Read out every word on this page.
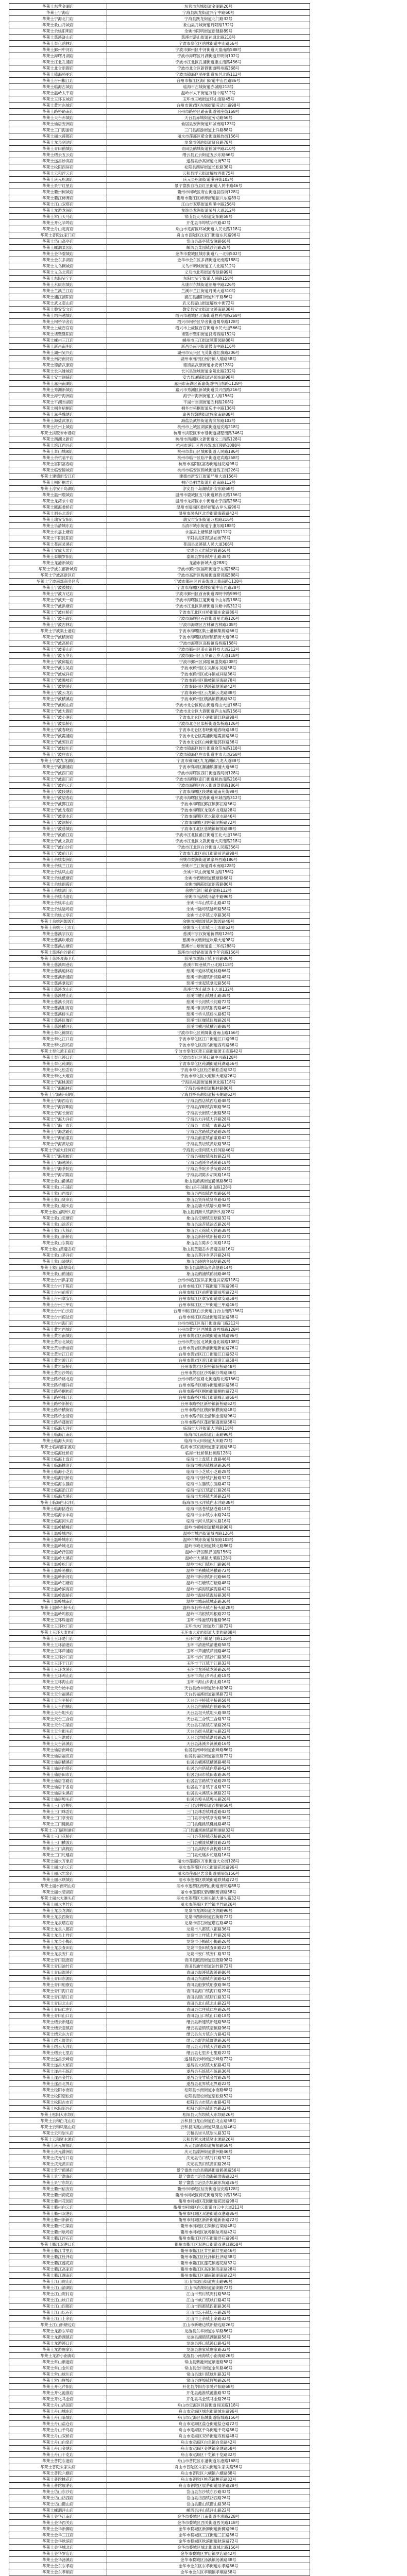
华莱士东营金湖店	东营市东城街道金湖路20号
华莱士宁海店	宁海县跃龙街道兴宁中路60号
华莱士宁海北门店	宁海县跃龙街道北门路32号
华莱士象山丹城店	象山县丹城街道丹阳路132号
华莱士余姚阳明店	余姚市阳明街道新建路89号
华莱士慈溪浒山店	慈溪市浒山街道孙塘北路218号
华莱士奉化岳林店	宁波市奉化区岳林街道中山路56号
华莱士鄞州中河店	宁波市鄞州区中河街道天童南路588号
华莱士海曙月湖店	宁波市海曙区月湖街道开明街102号
华莱士江北孔浦店	宁波市江北区孔浦街道康庄南路456号
华莱士北仑新碶店	宁波市北仑区新碶街道明州路368号
华莱士镇海骆驼店	宁波市镇海区骆驼街道东邑北路112号
华莱士台州椒江店	台州市椒江区海门街道中山西路86号
华莱士临海古城店	临海市古城街道赤城路218号
华莱士温岭太平店	温岭市太平街道万昌中路312号
华莱士玉环玉城店	玉环市玉城街道环山南路45号
华莱士黄岩东城店	台州市黄岩区东城街道劳动北路98号
华莱士路桥路南店	台州市路桥区路南街道银座街168号
华莱士天台赤城店	天台县赤城街道劳动路56号
华莱士仙居安洲店	仙居县安洲街道环城南路123号
华莱士三门海游店	三门县海游街道上洋路88号
华莱士丽水莲都店	丽水市莲都区紫金街道解放街156号
华莱士龙泉剑池店	龙泉市剑池街道贤良路78号
华莱士青田鹤城店	青田县鹤城街道鹤城中路210号
华莱士缙云五云店	缙云县五云街道五云东路66号
华莱士遂昌妙高店	遂昌县妙高街道北街52号
华莱士松阳西屏店	松阳县西屏街道长松路38号
华莱士云和浮云店	云和县浮云街道解放西街75号
华莱士庆元松源店	庆元县松源街道濛洲街102号
华莱士景宁红星店	景宁畲族自治县红星街道人民中路46号
华莱士衢州柯城店	衢州市柯城区府山街道县西街128号
华莱士衢江樟潭店	衢州市衢江区樟潭街道振兴东路89号
华莱士江山双塔店	江山市双塔街道鹿溪中路256号
华莱士龙游龙洲店	龙游县龙洲街道荣昌大道312号
华莱士常山天马店	常山县天马街道定阳路58号
华莱士开化华埠店	开化县华埠镇华兴路42号
华莱士舟山定海店	舟山市定海区环城街道人民北路118号
华莱士普陀沈家门店	舟山市普陀区沈家门街道东河路96号
华莱士岱山高亭店	岱山县高亭镇安澜路66号
华莱士嵊泗菜园店	嵊泗县菜园镇沙河路28号
华莱士金华婺城店	金华市婺城区城东街道八一北街502号
华莱士金东多湖店	金华市金东区多湖街道光南路188号
华莱士义乌稠城店	义乌市稠城街道工人北路312号
华莱士义乌北苑店	义乌市北苑街道春晗路99号
华莱士东阳吴宁店	东阳市吴宁街道人民路158号
华莱士永康东城店	永康市东城街道丽州中路226号
华莱士兰溪兰江店	兰溪市兰江街道丹溪大道310号
华莱士浦江浦阳店	浦江县浦阳街道和平路86号
华莱士武义壶山店	武义县壶山街道解放中街72号
华莱士磐安安文店	磐安县安文街道文溪南路38号
华莱士绍兴越城店	绍兴市越城区北海街道胜利西路268号
华莱士柯桥华舍店	绍兴市柯桥区华舍街道蜀阜路128号
华莱士上虞百官店	绍兴市上虞区百官街道市民大道566号
华莱士诸暨暨阳店	诸暨市暨阳街道艮塔西路152号
华莱士嵊州三江店	嵊州市三江街道领带园路88号
华莱士新昌南明店	新昌县南明街道鼓山中路116号
华莱士湖州吴兴店	湖州市吴兴区飞英街道红旗路206号
华莱士南浔南浔店	湖州市南浔区南浔镇人瑞路58号
华莱士德清武康店	德清县武康街道永安街128号
华莱士长兴雉城店	长兴县雉城街道金陵北路232号
华莱士安吉递铺店	安吉县递铺街道昌硕东路98号
华莱士嘉兴南湖店	嘉兴市南湖区新嘉街道中山东路1128号
华莱士秀洲新城店	嘉兴市秀洲区新城街道洪兴西路216号
华莱士海宁海洲店	海宁市海洲街道工人路156号
华莱士平湖当湖店	平湖市当湖街道胜利路208号
华莱士桐乡梧桐店	桐乡市梧桐街道庆丰中路136号
华莱士嘉善魏塘店	嘉善县魏塘街道施家南路88号
华莱士海盐武原店	海盐县武原街道海滨东路102号
华莱士杭州上城店	杭州市上城区湖滨街道延安路218号
华莱士拱墅米市巷店	杭州市拱墅区米市巷街道湖墅南路346号
华莱士西湖文新店	杭州市西湖区文新街道文二西路128号
华莱士滨江西兴店	杭州市滨江区西兴街道江陵路1088号
华莱士萧山城厢店	杭州市萧山区城厢街道人民路186号
华莱士余杭临平店	杭州市临平区临平街道迎宾路358号
华莱士富阳富春店	杭州市富阳区富春街道桂花路98号
华莱士临安锦城店	杭州市临安区锦城街道钱王街226号
华莱士建德新安江店	建德市新安江街道严州大道156号
华莱士桐庐桐君店	桐庐县桐君街道迎春南路112号
华莱士淳安千岛湖店	淳安县千岛湖镇新安东路68号
华莱士温州鹿城店	温州市鹿城区五马街道解放北路156号
华莱士龙湾永中店	温州市龙湾区永中街道永宁西路288号
华莱士瓯海娄桥店	温州市瓯海区娄桥街道古岸头路96号
华莱士洞头北岙店	温州市洞头区北岙街道海霞路42号
华莱士瑞安安阳店	瑞安市安阳街道万松路216号
华莱士乐清城东店	乐清市城东街道宁康东路188号
华莱士永嘉上塘店	永嘉县上塘镇县前路112号
华莱士平阳昆阳店	平阳县昆阳镇县前街78号
华莱士苍南灵溪店	苍南县灵溪镇人民大道366号
华莱士文成大峃店	文成县大峃镇建设路56号
华莱士泰顺罗阳店	泰顺县罗阳镇中山路38号
华莱士龙港新城店	龙港市新城大道288号
华莱士宁波东部新城店	宁波市鄞州区福明街道宁东路268号
华莱士宁波高新区店	宁波市高新区梅墟街道聚贤路588号
华莱士宁波南部商务区店	宁波市鄞州区首南街道天童南路1128号
华莱士宁波鼓楼店	宁波市海曙区鼓楼街道中山西路28号
华莱士宁波万达店	宁波市鄞州区首南街道四明中路999号
华莱士宁波天一店	宁波市海曙区江厦街道中山东路188号
华莱士宁波洪塘店	宁波市江北区洪塘街道洪塘中路312号
华莱士宁波庄桥店	宁波市江北区庄桥街道庄俞路86号
华莱士宁波石碶店	宁波市海曙区石碶街道星光路126号
华莱士宁波古林店	宁波市海曙区古林镇古林路208号
华莱士宁波集士港店	宁波市海曙区集士港镇集锦路66号
华莱士宁波横街店	宁波市海曙区横街镇横街大道96号
华莱士宁波高桥店	宁波市海曙区高桥镇高桥路158号
华莱士宁波姜山店	宁波市鄞州区姜山镇科技大道212号
华莱士宁波五乡店	宁波市鄞州区五乡镇五乡大道118号
华莱士宁波邱隘店	宁波市鄞州区邱隘镇盛莫路208号
华莱士宁波东吴店	宁波市鄞州区东吴镇东吴路58号
华莱士宁波咸祥店	宁波市鄞州区咸祥镇咸祥路36号
华莱士宁波瞻岐店	宁波市鄞州区瞻岐镇滨海路78号
华莱士宁波塘溪店	宁波市鄞州区塘溪镇塘溪路42号
华莱士宁波云龙店	宁波市鄞州区云龙镇云龙路88号
华莱士宁波横溪店	宁波市鄞州区横溪镇横溪路62号
华莱士宁波梅山店	宁波市北仑区梅山街道梅山大道168号
华莱士宁波大碶店	宁波市北仑区大碶街道庐山东路156号
华莱士宁波小港店	宁波市北仑区小港街道红联路98号
华莱士宁波柴桥店	宁波市北仑区柴桥街道柴桥路126号
华莱士宁波春晓店	宁波市北仑区春晓街道春晓路58号
华莱士宁波霞浦店	宁波市北仑区霞浦街道霞浦路86号
华莱士宁波郭巨店	宁波市北仑区白峰街道郭巨路36号
华莱士宁波蛟川店	宁波市镇海区蛟川街道俞范东路118号
华莱士宁波庄市店	宁波市镇海区庄市街道庄市大道268号
华莱士宁波九龙湖店	宁波市镇海区九龙湖镇九龙大道88号
华莱士宁波澥浦店	宁波市镇海区澥浦镇澥浦大道66号
华莱士宁波西门店	宁波市海曙区西门街道西河街128号
华莱士宁波南门店	宁波市海曙区南门街道解放南路216号
华莱士宁波白云店	宁波市海曙区白云街道望春路186号
华莱士宁波段塘店	宁波市海曙区段塘街道南苑街98号
华莱士宁波望春店	宁波市海曙区望春街道环城西路312号
华莱士宁波鄞江店	宁波市海曙区鄞江镇鄞江路56号
华莱士宁波龙观店	宁波市海曙区龙观乡龙观路28号
华莱士宁波章水店	宁波市海曙区章水镇章水路46号
华莱士宁波洞桥店	宁波市海曙区洞桥镇洞桥路72号
华莱士宁波慈城店	宁波市江北区慈城镇解放路88号
华莱士宁波甬江店	宁波市江北区甬江街道江北大道156号
华莱士宁波文教店	宁波市江北区文教街道大庆南路218号
华莱士宁波白沙店	宁波市江北区白沙街道人民路356号
华莱士宁波前江店	宁波市江北区前江街道前洋路98号
华莱士余姚梨洲店	余姚市梨洲街道谭家岭西路186号
华莱士余姚兰江店	余姚市兰江街道舜水南路228号
华莱士余姚凤山店	余姚市凤山街道凤山路156号
华莱士余姚低塘店	余姚市低塘街道低塘路68号
华莱士余姚朗霞店	余姚市朗霞街道朗霞路86号
华莱士余姚泗门店	余姚市泗门镇谢家路112号
华莱士余姚马渚店	余姚市马渚镇马渚中路96号
华莱士余姚牟山店	余姚市牟山镇牟山路42号
华莱士余姚陆埠店	余姚市陆埠镇陆埠路58号
华莱士余姚丈亭店	余姚市丈亭镇丈亭路36号
华莱士余姚河姆渡店	余姚市河姆渡镇河姆渡路48号
华莱士余姚三七市店	余姚市三七市镇三七市路52号
华莱士慈溪宗汉店	慈溪市宗汉街道新界路126号
华莱士慈溪坎墩店	慈溪市坎墩街道坎墩大道98号
华莱士慈溪古塘店	慈溪市古塘街道南二环线288号
华莱士慈溪白沙路店	慈溪市白沙路街道青少年宫路156号
华莱士慈溪观海卫店	慈溪市观海卫镇卫前路86号
华莱士慈溪周巷店	慈溪市周巷镇兴业北路118号
华莱士慈溪逍林店	慈溪市逍林镇逍林路66号
华莱士慈溪新浦店	慈溪市新浦镇新浦路48号
华莱士慈溪掌起店	慈溪市掌起镇掌起路56号
华莱士慈溪龙山店	慈溪市龙山镇龙山大道132号
华莱士慈溪胜山店	慈溪市胜山镇胜山路38号
华莱士慈溪长河店	慈溪市长河镇长河路72号
华莱士慈溪附海店	慈溪市附海镇附海路46号
华莱士慈溪桥头店	慈溪市桥头镇桥头路62号
华莱士慈溪匡堰店	慈溪市匡堰镇匡堰路28号
华莱士慈溪横河店	慈溪市横河镇横河路88号
华莱士奉化锦屏店	宁波市奉化区锦屏街道南山路156号
华莱士奉化江口店	宁波市奉化区江口街道江口路98号
华莱士奉化西坞店	宁波市奉化区西坞街道西坞路66号
华莱士奉化萧王庙店	宁波市奉化区萧王庙街道萧王庙路42号
华莱士奉化溪口店	宁波市奉化区溪口镇中兴路128号
华莱士奉化莼湖店	宁波市奉化区莼湖街道莼湖路56号
华莱士奉化松岙店	宁波市奉化区松岙镇松岙路32号
华莱士奉化大堰店	宁波市奉化区大堰镇大堰路26号
华莱士宁海桃源店	宁海县桃源街道桃源北路118号
华莱士宁海梅林店	宁海县梅林街道梅林路86号
华莱士宁海桥头胡店	宁海县桥头胡街道桥头胡路62号
华莱士宁海西店店	宁海县西店镇西店路48号
华莱士宁海深甽店	宁海县深甽镇深甽路36号
华莱士宁海长街店	宁海县长街镇长街路58号
华莱士宁海力洋店	宁海县力洋镇力洋路28号
华莱士宁海一市店	宁海县一市镇一市路32号
华莱士宁海岔路店	宁海县岔路镇岔路路26号
华莱士宁海前童店	宁海县前童镇前童路42号
华莱士宁海黄坛店	宁海县黄坛镇黄坛路38号
华莱士宁海大佳何店	宁海县大佳何镇大佳何路46号
华莱士宁海强蛟店	宁海县强蛟镇强蛟路22号
华莱士宁海越溪店	宁海县越溪乡越溪路18号
华莱士宁海茶院店	宁海县茶院乡茶院路24号
华莱士宁海胡陈店	宁海县胡陈乡胡陈路16号
华莱士象山爵溪店	象山县爵溪街道爵溪路86号
华莱士象山石浦店	象山县石浦镇金山路128号
华莱士象山西周店	象山县西周镇西周路66号
华莱士象山贤庠店	象山县贤庠镇贤庠路42号
华莱士象山墙头店	象山县墙头镇墙头路36号
华莱士象山泗洲头店	象山县泗洲头镇泗洲头路28号
华莱士象山定塘店	象山县定塘镇定塘路32号
华莱士象山涂茨店	象山县涂茨镇涂茨路26号
华莱士象山大徐店	象山县大徐镇大徐路38号
华莱士象山新桥店	象山县新桥镇新桥路22号
华莱士象山东陈店	象山县东陈乡东陈路18号
华莱士象山黄避岙店	象山县黄避岙乡黄避岙路16号
华莱士象山茅洋店	象山县茅洋乡茅洋路24号
华莱士象山晓塘店	象山县晓塘乡晓塘路20号
华莱士象山高塘岛店	象山县高塘岛乡高塘路14号
华莱士象山鹤浦店	象山县鹤浦镇鹤浦路46号
华莱士台州洪家店	台州市椒江区洪家街道洪家路118号
华莱士台州下陈店	台州市椒江区下陈街道下陈路96号
华莱士台州前所店	台州市椒江区前所街道前所路72号
华莱士台州章安店	台州市椒江区章安街道章安路58号
华莱士台州三甲店	台州市椒江区三甲街道三甲路46号
华莱士台州白云店	台州市椒江区白云街道白云山南路156号
华莱士台州葭沚店	台州市椒江区葭沚街道葭沚路88号
华莱士台州海门店	台州市椒江区海门街道海门路212号
华莱士黄岩西城店	台州市黄岩区西城街道西城路128号
华莱士黄岩南城店	台州市黄岩区南城街道南城路96号
华莱士黄岩北城店	台州市黄岩区北城街道北城路108号
华莱士黄岩新前店	台州市黄岩区新前街道新前路76号
华莱士黄岩江口店	台州市黄岩区江口街道江口路62号
华莱士黄岩澄江店	台州市黄岩区澄江街道澄江路58号
华莱士黄岩院桥店	台州市黄岩区院桥镇院桥路48号
华莱士黄岩沙埠店	台州市黄岩区沙埠镇沙埠路36号
华莱士路桥路北店	台州市路桥区路北街道路北路156号
华莱士路桥螺洋店	台州市路桥区螺洋街道螺洋路86号
华莱士路桥桐屿店	台州市路桥区桐屿街道桐屿路72号
华莱士路桥峰江店	台州市路桥区峰江街道峰江路66号
华莱士路桥新桥店	台州市路桥区新桥镇新桥路52号
华莱士路桥横街店	台州市路桥区横街镇横街路48号
华莱士路桥金清店	台州市路桥区金清镇金清路96号
华莱士路桥蓬街店	台州市路桥区蓬街镇蓬街路58号
华莱士临海大洋店	临海市大洋街道大洋路118号
华莱士临海江南店	临海市江南街道江南路96号
华莱士临海大田店	临海市大田街道大田路72号
华莱士临海邵家渡店	临海市邵家渡街道邵家渡路58号
华莱士临海杜桥店	临海市杜桥镇杜桥路128号
华莱士临海上盘店	临海市上盘镇上盘路46号
华莱士临海桃渚店	临海市桃渚镇桃渚路36号
华莱士临海小芝店	临海市小芝镇小芝路28号
华莱士临海汛桥店	临海市汛桥镇汛桥路32号
华莱士临海东塍店	临海市东塍镇东塍路42号
华莱士临海沿江店	临海市沿江镇沿江路26号
华莱士临海尤溪店	临海市尤溪镇尤溪路22号
华莱士临海白水洋店	临海市白水洋镇白水洋路38号
华莱士临海括苍店	临海市括苍镇括苍路18号
华莱士临海永丰店	临海市永丰镇永丰路24号
华莱士临海河头店	临海市河头镇河头路16号
华莱士温岭横峰店	温岭市横峰街道横峰路98号
华莱士温岭城西店	温岭市城西街道城西路126号
华莱士温岭城东店	温岭市城东街道城东路108号
华莱士温岭城北店	温岭市城北街道城北路86号
华莱士温岭泽国店	温岭市泽国镇泽国路156号
华莱士温岭大溪店	温岭市大溪镇大溪路128号
华莱士温岭松门店	温岭市松门镇松门路96号
华莱士温岭箬横店	温岭市箬横镇箬横路72号
华莱士温岭新河店	温岭市新河镇新河路66号
华莱士温岭石塘店	温岭市石塘镇石塘路48号
华莱士温岭滨海店	温岭市滨海镇滨海路42号
华莱士温岭温峤店	温岭市温峤镇温峤路38号
华莱士温岭城南店	温岭市城南镇城南路36号
华莱士温岭石桥头店	温岭市石桥头镇石桥头路28号
华莱士温岭坞根店	温岭市坞根镇坞根路22号
华莱士玉环珠港店	玉环市珠港镇珠港路96号
华莱士玉环坎门店	玉环市坎门街道坎门路72号
华莱士玉环大麦屿店	玉环市大麦屿街道大麦屿路88号
华莱士玉环楚门店	玉环市楚门镇楚门路116号
华莱士玉环清港店	玉环市清港镇清港路58号
华莱士玉环芦浦店	玉环市芦浦镇芦浦路46号
华莱士玉环沙门店	玉环市沙门镇沙门路38号
华莱士玉环干江店	玉环市干江镇干江路32号
华莱士玉环龙溪店	玉环市龙溪镇龙溪路26号
华莱士玉环鸡山店	玉环市鸡山乡鸡山路18号
华莱士玉环海山店	玉环市海山乡海山路16号
华莱士天台始丰店	天台县始丰街道始丰路98号
华莱士天台福溪店	天台县福溪街道福溪路72号
华莱士天台平桥店	天台县平桥镇平桥路58号
华莱士天台白鹤店	天台县白鹤镇白鹤路46号
华莱士天台坦头店	天台县坦头镇坦头路38号
华莱士天台三合店	天台县三合镇三合路32号
华莱士天台石梁店	天台县石梁镇石梁路26号
华莱士天台街头店	天台县街头镇街头路22号
华莱士天台洪畴店	天台县洪畴镇洪畴路28号
华莱士天台泳溪店	天台县泳溪乡泳溪路16号
华莱士仙居南峰店	仙居县南峰街道南峰路86号
华莱士仙居福应店	仙居县福应街道福应路72号
华莱士仙居横溪店	仙居县横溪镇横溪路48号
华莱士仙居白塔店	仙居县白塔镇白塔路42号
华莱士仙居田市店	仙居县田市镇田市路36号
华莱士仙居官路店	仙居县官路镇官路路28号
华莱士仙居下各店	仙居县下各镇下各路32号
华莱士仙居朱溪店	仙居县朱溪镇朱溪路22号
华莱士仙居埠头店	仙居县埠头镇埠头路26号
华莱士三门沙柳店	三门县沙柳街道沙柳路58号
华莱士三门珠岙店	三门县珠岙镇珠岙路42号
华莱士三门亭旁店	三门县亭旁镇亭旁路36号
华莱士三门健跳店	三门县健跳镇健跳路48号
华莱士三门浦坝港店	三门县浦坝港镇浦坝港路32号
华莱士三门花桥店	三门县花桥镇花桥路26号
华莱士三门横渡店	三门县横渡镇横渡路22号
华莱士三门高枧店	三门县高枧乡高枧路18号
华莱士三门蛇蟠店	三门县蛇蟠乡蛇蟠路16号
华莱士丽水万象店	丽水市莲都区万象街道大众街128号
华莱士丽水白云店	丽水市莲都区白云街道花园路96号
华莱士丽水岩泉店	丽水市莲都区岩泉街道丽阳街156号
华莱士丽水联城店	丽水市莲都区联城街道联城路72号
华莱士丽水南明山店	丽水市莲都区南明山街道南明路88号
华莱士丽水碧湖店	丽水市莲都区碧湖镇碧湖路58号
华莱士丽水大港头店	丽水市莲都区大港头镇大港头路32号
华莱士丽水老竹店	丽水市莲都区老竹镇老竹路26号
华莱士龙泉龙渊店	龙泉市龙渊街道龙渊路96号
华莱士龙泉西街店	龙泉市西街街道西街路72号
华莱士龙泉塔石店	龙泉市塔石街道塔石路48号
华莱士龙泉八都店	龙泉市八都镇八都路36号
华莱士龙泉上垟店	龙泉市上垟镇上垟路28号
华莱士龙泉小梅店	龙泉市小梅镇小梅路26号
华莱士龙泉查田店	龙泉市查田镇查田路22号
华莱士龙泉安仁店	龙泉市安仁镇安仁路32号
华莱士青田瓯南店	青田县瓯南街道瓯南路98号
华莱士青田油竹店	青田县油竹街道油竹路72号
华莱士青田温溪店	青田县温溪镇温溪路86号
华莱士青田东源店	青田县东源镇东源路42号
华莱士青田船寮店	青田县船寮镇船寮路36号
华莱士青田海口店	青田县海口镇海口路28号
华莱士青田腊口店	青田县腊口镇腊口路32号
华莱士青田北山店	青田县北山镇北山路22号
华莱士青田仁庄店	青田县仁庄镇仁庄路26号
华莱士青田山口店	青田县山口镇山口路18号
华莱士缙云新建店	缙云县新建镇新建路58号
华莱士缙云壶镇店	缙云县壶镇镇壶镇路96号
华莱士缙云东方店	缙云县东方镇东方路42号
华莱士缙云舒洪店	缙云县舒洪镇舒洪路36号
华莱士缙云大洋店	缙云县大洋镇大洋路28号
华莱士缙云七里店	缙云县七里乡七里路22号
华莱士遂昌云峰店	遂昌县云峰街道云峰路72号
华莱士遂昌大柘店	遂昌县大柘镇大柘路42号
华莱士遂昌石练店	遂昌县石练镇石练路36号
华莱士遂昌金竹店	遂昌县金竹镇金竹路28号
华莱士遂昌北界店	遂昌县北界镇北界路22号
华莱士松阳水南店	松阳县水南街道水南路68号
华莱士松阳望松店	松阳县望松街道望松路52号
华莱士松阳古市店	松阳县古市镇古市路42号
华莱士松阳新兴店	松阳县新兴镇新兴路32号
华莱士松阳大东坝店	松阳县大东坝镇大东坝路26号
华莱士云和白龙山店	云和县白龙山街道白龙山路58号
华莱士云和凤凰山店	云和县凤凰山街道凤凰山路46号
华莱士云和崇头店	云和县崇头镇崇头路32号
华莱士云和紧水滩店	云和县紧水滩镇紧水滩路26号
华莱士庆元屏都店	庆元县屏都街道屏都路58号
华莱士庆元濛洲店	庆元县濛洲街道濛洲路46号
华莱士庆元竹口店	庆元县竹口镇竹口路32号
华莱士庆元黄田店	庆元县黄田镇黄田路26号
华莱士景宁鹤溪店	景宁畲族自治县鹤溪街道鹤溪路56号
华莱士景宁渤海店	景宁畲族自治县渤海镇渤海路32号
华莱士景宁东坑店	景宁畲族自治县东坑镇东坑路26号
华莱士衢州信安店	衢州市柯城区信安街道信安路128号
华莱士衢州荷花店	衢州市柯城区荷花街道荷花中路156号
华莱士衢州花园店	衢州市柯城区花园街道花园路98号
华莱士衢州白云店	衢州市柯城区白云街道白云中大道212号
华莱士衢州双港店	衢州市柯城区双港街道双港路86号
华莱士衢州新新店	衢州市柯城区新新街道新新路72号
华莱士衢州石梁店	衢州市柯城区石梁镇石梁路48号
华莱士衢州航埠店	衢州市柯城区航埠镇航埠路42号
华莱士衢江浮石店	衢州市衢江区浮石街道浮石路96号
华莱士衢江双港口店	衢州市衢江区双港口街道双港口路58号
华莱士衢江廿里店	衢州市衢江区廿里镇廿里路46号
华莱士衢江杜泽店	衢州市衢江区杜泽镇杜泽路38号
华莱士衢江莲花店	衢州市衢江区莲花镇莲花路32号
华莱士衢江高家店	衢州市衢江区高家镇高家路28号
华莱士衢江湖南店	衢州市衢江区湖南镇湖南路22号
华莱士江山虎山店	江山市虎山街道虎山路96号
华莱士江山清湖店	江山市清湖街道清湖路72号
华莱士江山贺村店	江山市贺村镇贺村路58号
华莱士江山峡口店	江山市峡口镇峡口路42号
华莱士江山四都店	江山市四都镇四都路36号
华莱士江山坛石店	江山市坛石镇坛石路28号
华莱士江山上余店	江山市上余镇上余路32号
华莱士江山新塘边店	江山市新塘边镇新塘边路26号
华莱士龙游东华店	龙游县东华街道东华路86号
华莱士龙游湖镇店	龙游县湖镇镇湖镇路58号
华莱士龙游溪口店	龙游县溪口镇溪口路42号
华莱士龙游詹家店	龙游县詹家镇詹家路32号
华莱士龙游小南海店	龙游县小南海镇小南海路26号
华莱士常山紫港店	常山县紫港街道紫港路58号
华莱士常山金川店	常山县金川街道金川路46号
华莱士常山球川店	常山县球川镇球川路32号
华莱士常山辉埠店	常山县辉埠镇辉埠路26号
华莱士开化芹阳店	开化县芹阳办事处芹阳路68号
华莱士开化池淮店	开化县池淮镇池淮路32号
华莱士开化马金店	开化县马金镇马金路26号
华莱士舟山昌国店	舟山市定海区昌国街道昌国路118号
华莱士舟山城东店	舟山市定海区城东街道城东路96号
华莱士舟山临城店	舟山市定海区临城街道临城路156号
华莱士舟山盐仓店	舟山市定海区盐仓街道盐仓路72号
华莱士舟山千岛店	舟山市定海区千岛街道千岛路86号
华莱士舟山双桥店	舟山市定海区双桥街道双桥路48号
华莱士舟山白泉店	舟山市定海区白泉镇白泉路42号
华莱士舟山金塘店	舟山市定海区金塘镇金塘路58号
华莱士舟山干览店	舟山市定海区干览镇干览路32号
华莱士普陀东港店	舟山市普陀区东港街道东港路168号
华莱士普陀朱家尖店	舟山市普陀区朱家尖街道朱家尖路56号
华莱士普陀六横店	舟山市普陀区六横镇六横路88号
华莱士普陀桃花店	舟山市普陀区桃花镇桃花路32号
华莱士普陀展茅店	舟山市普陀区展茅街道展茅路28号
华莱士岱山东沙店	岱山县东沙镇东沙路32号
华莱士岱山岱西店	岱山县岱西镇岱西路26号
华莱士岱山衢山店	岱山县衢山镇衢山路38号
华莱士嵊泗洋山店	嵊泗县洋山镇洋山路22号
华莱士金华江南店	金华市婺城区江南街道李渔路228号
华莱士金华西关店	金华市婺城区西关街道西关路118号
华莱士金华新狮店	金华市婺城区新狮街道新狮路96号
华莱士金华三江店	金华市婺城区三江街道三江路86号
华莱士金华秋滨店	金华市婺城区秋滨街道秋滨路72号
华莱士金华城北店	金华市婺城区城北街道城北路156号
华莱士金华罗店店	金华市婺城区罗店镇罗店路42号
华莱士金华汤溪店	金华市婺城区汤溪镇汤溪路38号
华莱士金东东孝店	金华市金东区东孝街道东孝路86号
华莱士金东孝顺店	金华市金东区孝顺镇孝顺路58号
